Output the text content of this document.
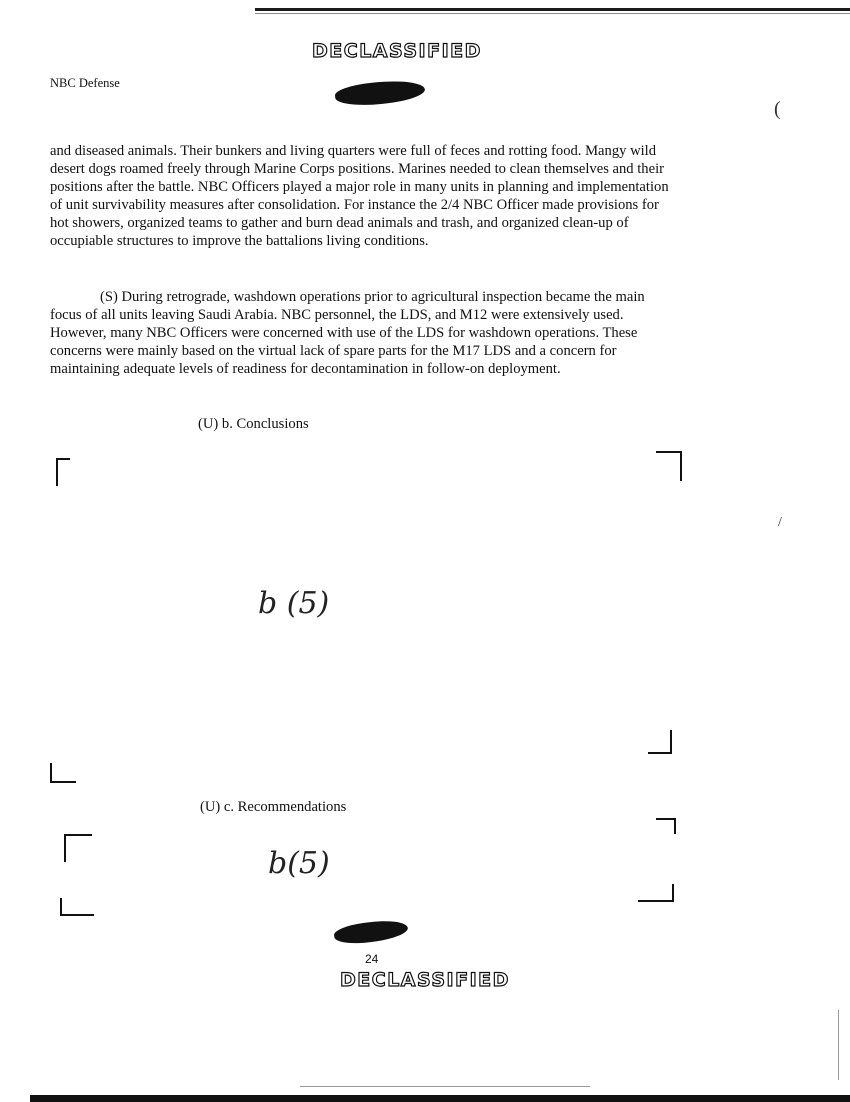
DECLASSIFIED
NBC Defense
(
and diseased animals. Their bunkers and living quarters were full of feces and rotting food. Mangy wild desert dogs roamed freely through Marine Corps positions. Marines needed to clean themselves and their positions after the battle. NBC Officers played a major role in many units in planning and implementation of unit survivability measures after consolidation. For instance the 2/4 NBC Officer made provisions for hot showers, organized teams to gather and burn dead animals and trash, and organized clean-up of occupiable structures to improve the battalions living conditions.
(S) During retrograde, washdown operations prior to agricultural inspection became the main focus of all units leaving Saudi Arabia. NBC personnel, the LDS, and M12 were extensively used. However, many NBC Officers were concerned with use of the LDS for washdown operations. These concerns were mainly based on the virtual lack of spare parts for the M17 LDS and a concern for maintaining adequate levels of readiness for decontamination in follow-on deployment.
(U) b. Conclusions
b (5)
/
(U) c. Recommendations
b(5)
24
DECLASSIFIED
